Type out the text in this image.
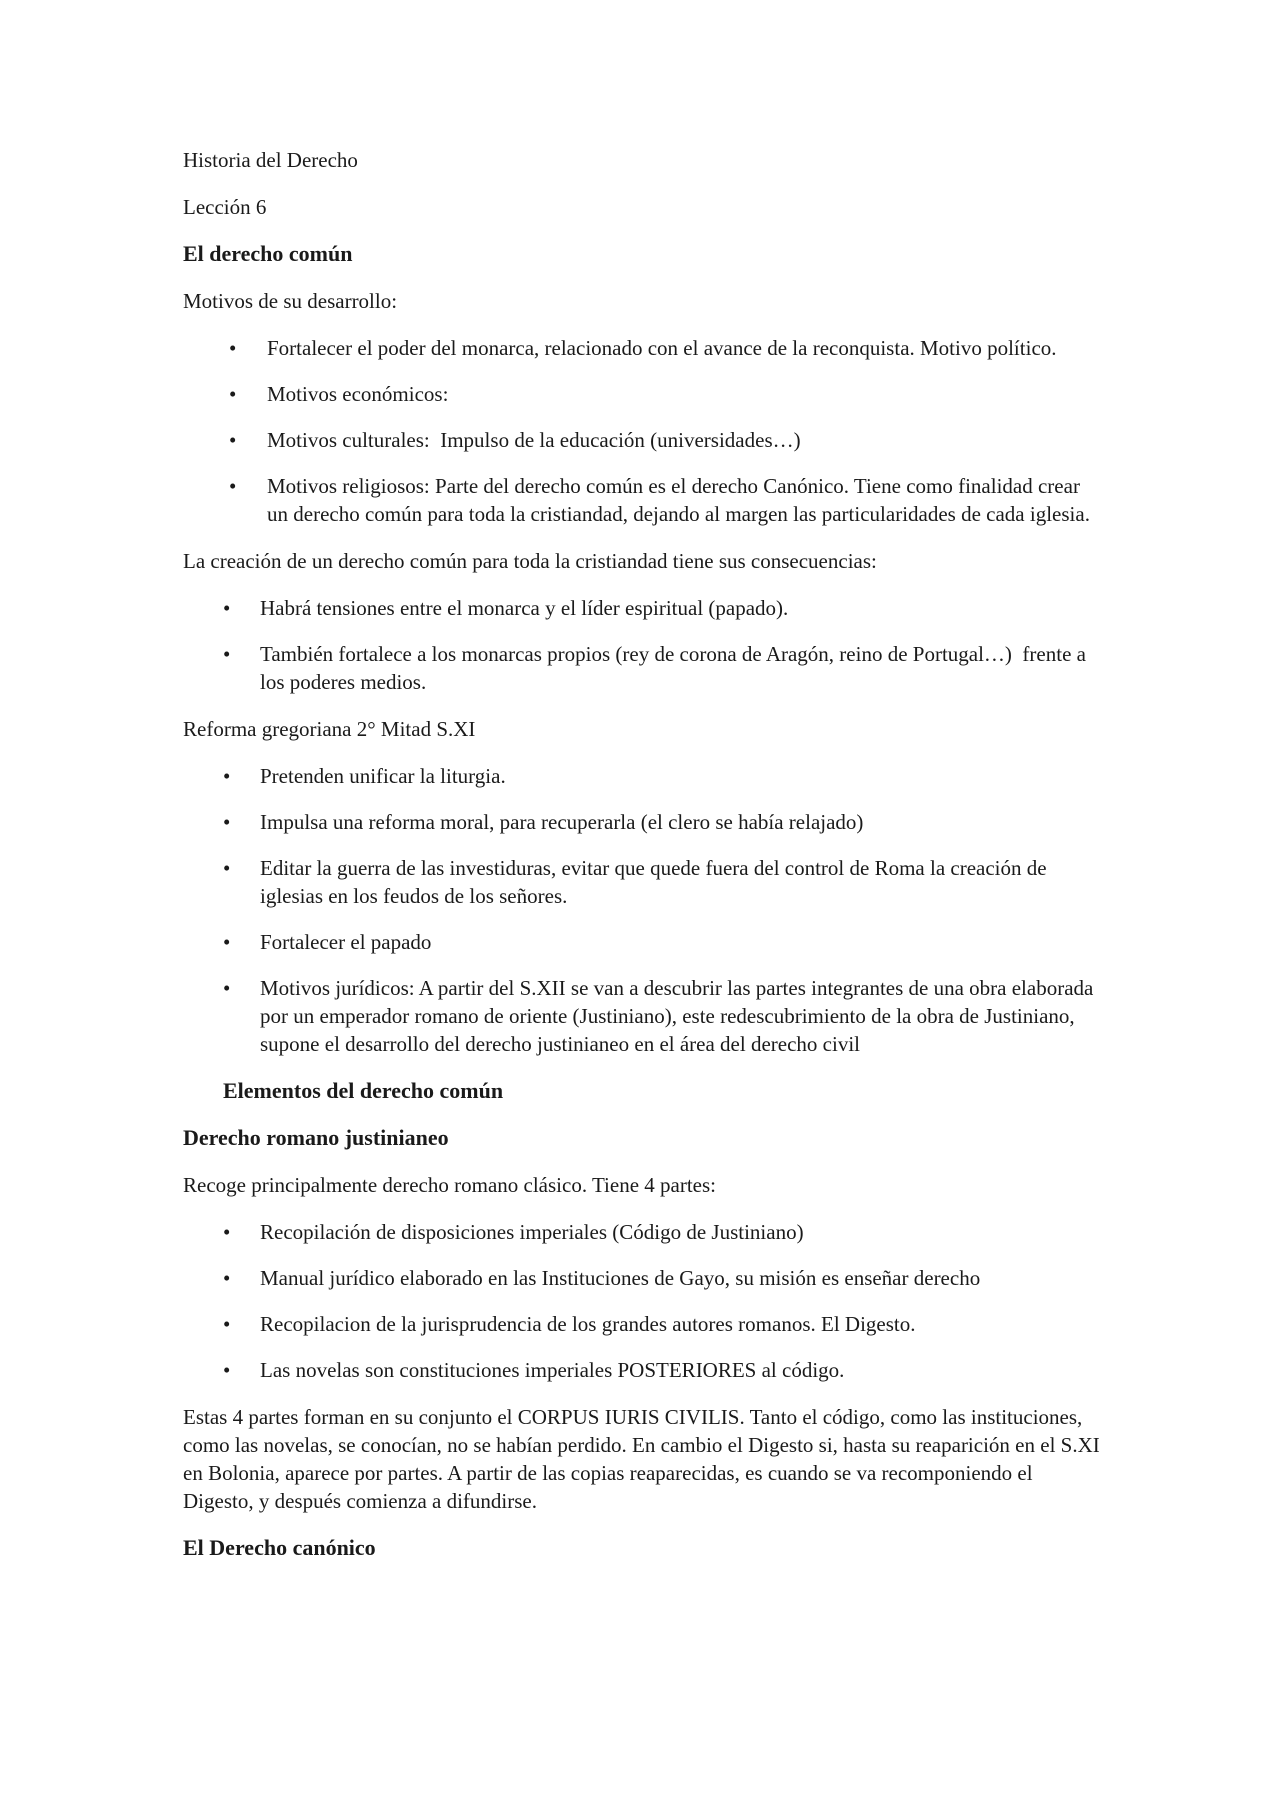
Historia del Derecho

Lección 6

El derecho común

Motivos de su desarrollo:

• Fortalecer el poder del monarca, relacionado con el avance de la reconquista. Motivo político.
• Motivos económicos:
• Motivos culturales:  Impulso de la educación (universidades…)
• Motivos religiosos: Parte del derecho común es el derecho Canónico. Tiene como finalidad crear un derecho común para toda la cristiandad, dejando al margen las particularidades de cada iglesia.

La creación de un derecho común para toda la cristiandad tiene sus consecuencias:

• Habrá tensiones entre el monarca y el líder espiritual (papado).
• También fortalece a los monarcas propios (rey de corona de Aragón, reino de Portugal…)  frente a los poderes medios.

Reforma gregoriana 2° Mitad S.XI

• Pretenden unificar la liturgia.
• Impulsa una reforma moral, para recuperarla (el clero se había relajado)
• Editar la guerra de las investiduras, evitar que quede fuera del control de Roma la creación de iglesias en los feudos de los señores.
• Fortalecer el papado
• Motivos jurídicos: A partir del S.XII se van a descubrir las partes integrantes de una obra elaborada por un emperador romano de oriente (Justiniano), este redescubrimiento de la obra de Justiniano, supone el desarrollo del derecho justinianeo en el área del derecho civil

Elementos del derecho común

Derecho romano justinianeo

Recoge principalmente derecho romano clásico. Tiene 4 partes:

• Recopilación de disposiciones imperiales (Código de Justiniano)
• Manual jurídico elaborado en las Instituciones de Gayo, su misión es enseñar derecho
• Recopilacion de la jurisprudencia de los grandes autores romanos. El Digesto.
• Las novelas son constituciones imperiales POSTERIORES al código.

Estas 4 partes forman en su conjunto el CORPUS IURIS CIVILIS. Tanto el código, como las instituciones, como las novelas, se conocían, no se habían perdido. En cambio el Digesto si, hasta su reaparición en el S.XI en Bolonia, aparece por partes. A partir de las copias reaparecidas, es cuando se va recomponiendo el Digesto, y después comienza a difundirse.

El Derecho canónico
